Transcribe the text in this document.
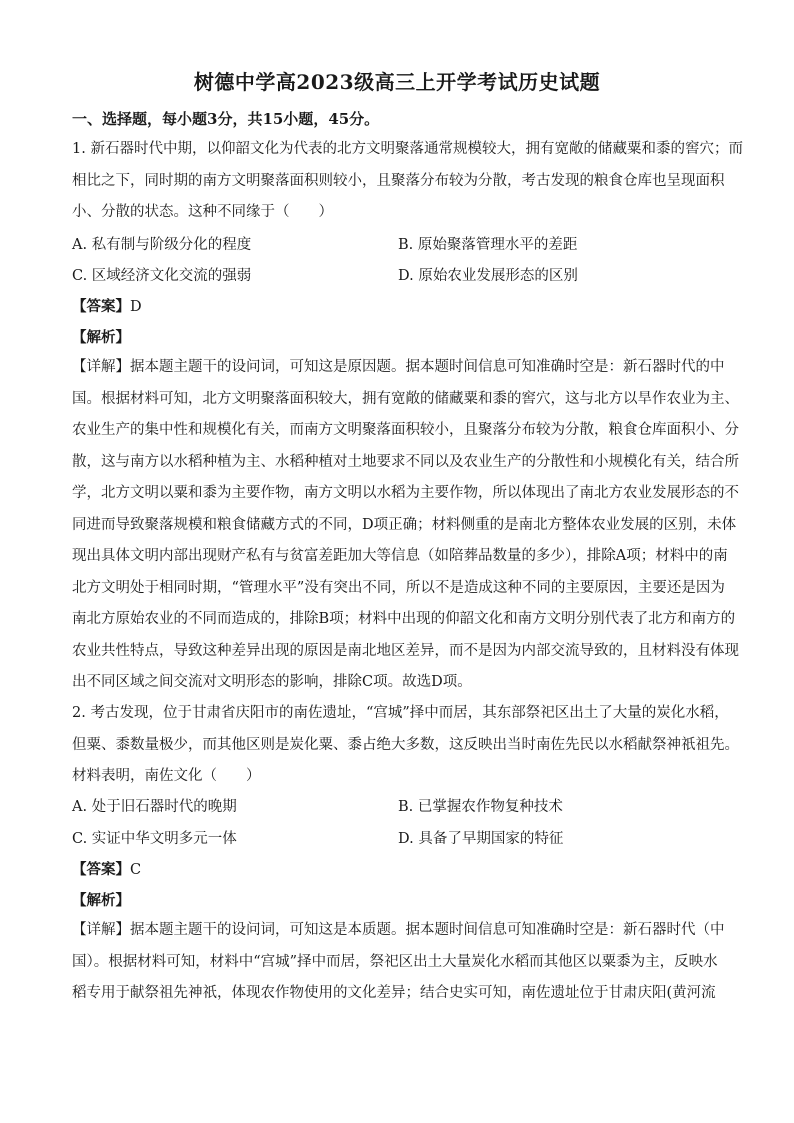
树德中学高2023级高三上开学考试历史试题
一、选择题，每小题3分，共15小题，45分。
1. 新石器时代中期，以仰韶文化为代表的北方文明聚落通常规模较大，拥有宽敞的储藏粟和黍的窖穴；而
相比之下，同时期的南方文明聚落面积则较小，且聚落分布较为分散，考古发现的粮食仓库也呈现面积
小、分散的状态。这种不同缘于（　　）
A. 私有制与阶级分化的程度	B. 原始聚落管理水平的差距
C. 区域经济文化交流的强弱	D. 原始农业发展形态的区别
【答案】D
【解析】
【详解】据本题主题干的设问词，可知这是原因题。据本题时间信息可知准确时空是：新石器时代的中
国。根据材料可知，北方文明聚落面积较大，拥有宽敞的储藏粟和黍的窖穴，这与北方以旱作农业为主、
农业生产的集中性和规模化有关，而南方文明聚落面积较小，且聚落分布较为分散，粮食仓库面积小、分
散，这与南方以水稻种植为主、水稻种植对土地要求不同以及农业生产的分散性和小规模化有关，结合所
学，北方文明以粟和黍为主要作物，南方文明以水稻为主要作物，所以体现出了南北方农业发展形态的不
同进而导致聚落规模和粮食储藏方式的不同，D项正确；材料侧重的是南北方整体农业发展的区别，未体
现出具体文明内部出现财产私有与贫富差距加大等信息（如陪葬品数量的多少），排除A项；材料中的南
北方文明处于相同时期，“管理水平”没有突出不同，所以不是造成这种不同的主要原因，主要还是因为
南北方原始农业的不同而造成的，排除B项；材料中出现的仰韶文化和南方文明分别代表了北方和南方的
农业共性特点，导致这种差异出现的原因是南北地区差异，而不是因为内部交流导致的，且材料没有体现
出不同区域之间交流对文明形态的影响，排除C项。故选D项。
2. 考古发现，位于甘肃省庆阳市的南佐遗址，“宫城”择中而居，其东部祭祀区出土了大量的炭化水稻，
但粟、黍数量极少，而其他区则是炭化粟、黍占绝大多数，这反映出当时南佐先民以水稻献祭神祇祖先。
材料表明，南佐文化（　　）
A. 处于旧石器时代的晚期	B. 已掌握农作物复种技术
C. 实证中华文明多元一体	D. 具备了早期国家的特征
【答案】C
【解析】
【详解】据本题主题干的设问词，可知这是本质题。据本题时间信息可知准确时空是：新石器时代（中
国）。根据材料可知，材料中“宫城”择中而居，祭祀区出土大量炭化水稻而其他区以粟黍为主，反映水
稻专用于献祭祖先神祇，体现农作物使用的文化差异；结合史实可知，南佐遗址位于甘肃庆阳(黄河流
